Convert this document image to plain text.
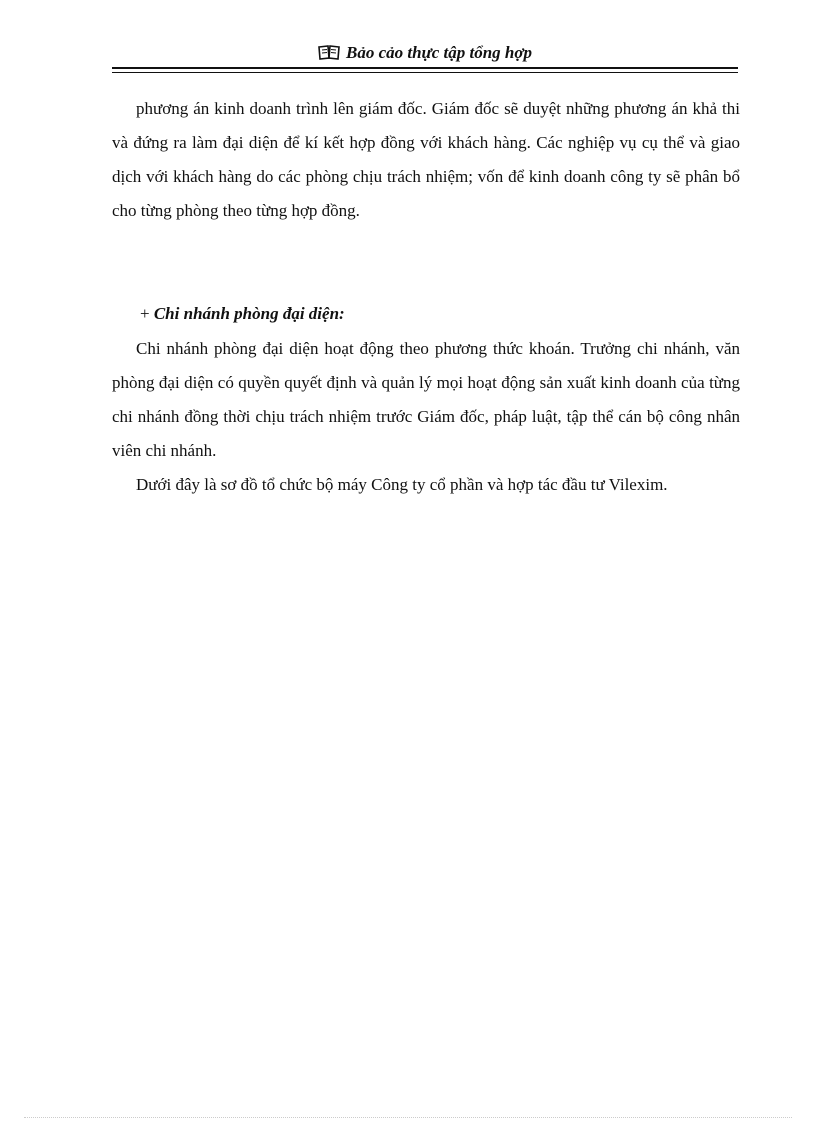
Bảo cảo thực tập tổng hợp
phương án kinh doanh trình lên giám đốc. Giám đốc sẽ duyệt những phương án khả thi và đứng ra làm đại diện để kí kết hợp đồng với khách hàng. Các nghiệp vụ cụ thể và giao dịch với khách hàng do các phòng chịu trách nhiệm; vốn để kinh doanh công ty sẽ phân bổ cho từng phòng theo từng hợp đồng.
+ Chi nhánh phòng đại diện:
Chi nhánh phòng đại diện hoạt động theo phương thức khoán. Trưởng chi nhánh, văn phòng đại diện có quyền quyết định và quản lý mọi hoạt động sản xuất kinh doanh của từng chi nhánh đồng thời chịu trách nhiệm trước Giám đốc, pháp luật, tập thể cán bộ công nhân viên chi nhánh.
Dưới đây là sơ đồ tổ chức bộ máy Công ty cổ phần và hợp tác đầu tư Vilexim.
